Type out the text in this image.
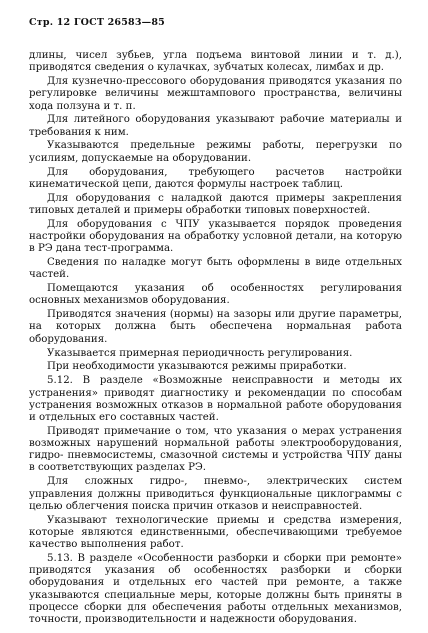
Стр. 12 ГОСТ 26583—85

длины, чисел зубьев, угла подъема винтовой линии и т. д.), приводятся сведения о кулачках, зубчатых колесах, лимбах и др.

Для кузнечно-прессового оборудования приводятся указания по регулировке величины межштампового пространства, величины хода ползуна и т. п.

Для литейного оборудования указывают рабочие материалы и требования к ним.

Указываются предельные режимы работы, перегрузки по усилиям, допускаемые на оборудовании.

Для оборудования, требующего расчетов настройки кинематической цепи, даются формулы настроек таблиц.

Для оборудования с наладкой даются примеры закрепления типовых деталей и примеры обработки типовых поверхностей.

Для оборудования с ЧПУ указывается порядок проведения настройки оборудования на обработку условной детали, на которую в РЭ дана тест-программа.

Сведения по наладке могут быть оформлены в виде отдельных частей.

Помещаются указания об особенностях регулирования основных механизмов оборудования.

Приводятся значения (нормы) на зазоры или другие параметры, на которых должна быть обеспечена нормальная работа оборудования.

Указывается примерная периодичность регулирования.

При необходимости указываются режимы приработки.

5.12. В разделе «Возможные неисправности и методы их устранения» приводят диагностику и рекомендации по способам устранения возможных отказов в нормальной работе оборудования и отдельных его составных частей.

Приводят примечание о том, что указания о мерах устранения возможных нарушений нормальной работы электрооборудования, гидро- пневмосистемы, смазочной системы и устройства ЧПУ даны в соответствующих разделах РЭ.

Для сложных гидро-, пневмо-, электрических систем управления должны приводиться функциональные циклограммы с целью облегчения поиска причин отказов и неисправностей.

Указывают технологические приемы и средства измерения, которые являются единственными, обеспечивающими требуемое качество выполнения работ.

5.13. В разделе «Особенности разборки и сборки при ремонте» приводятся указания об особенностях разборки и сборки оборудования и отдельных его частей при ремонте, а также указываются специальные меры, которые должны быть приняты в процессе сборки для обеспечения работы отдельных механизмов, точности, производительности и надежности оборудования.
